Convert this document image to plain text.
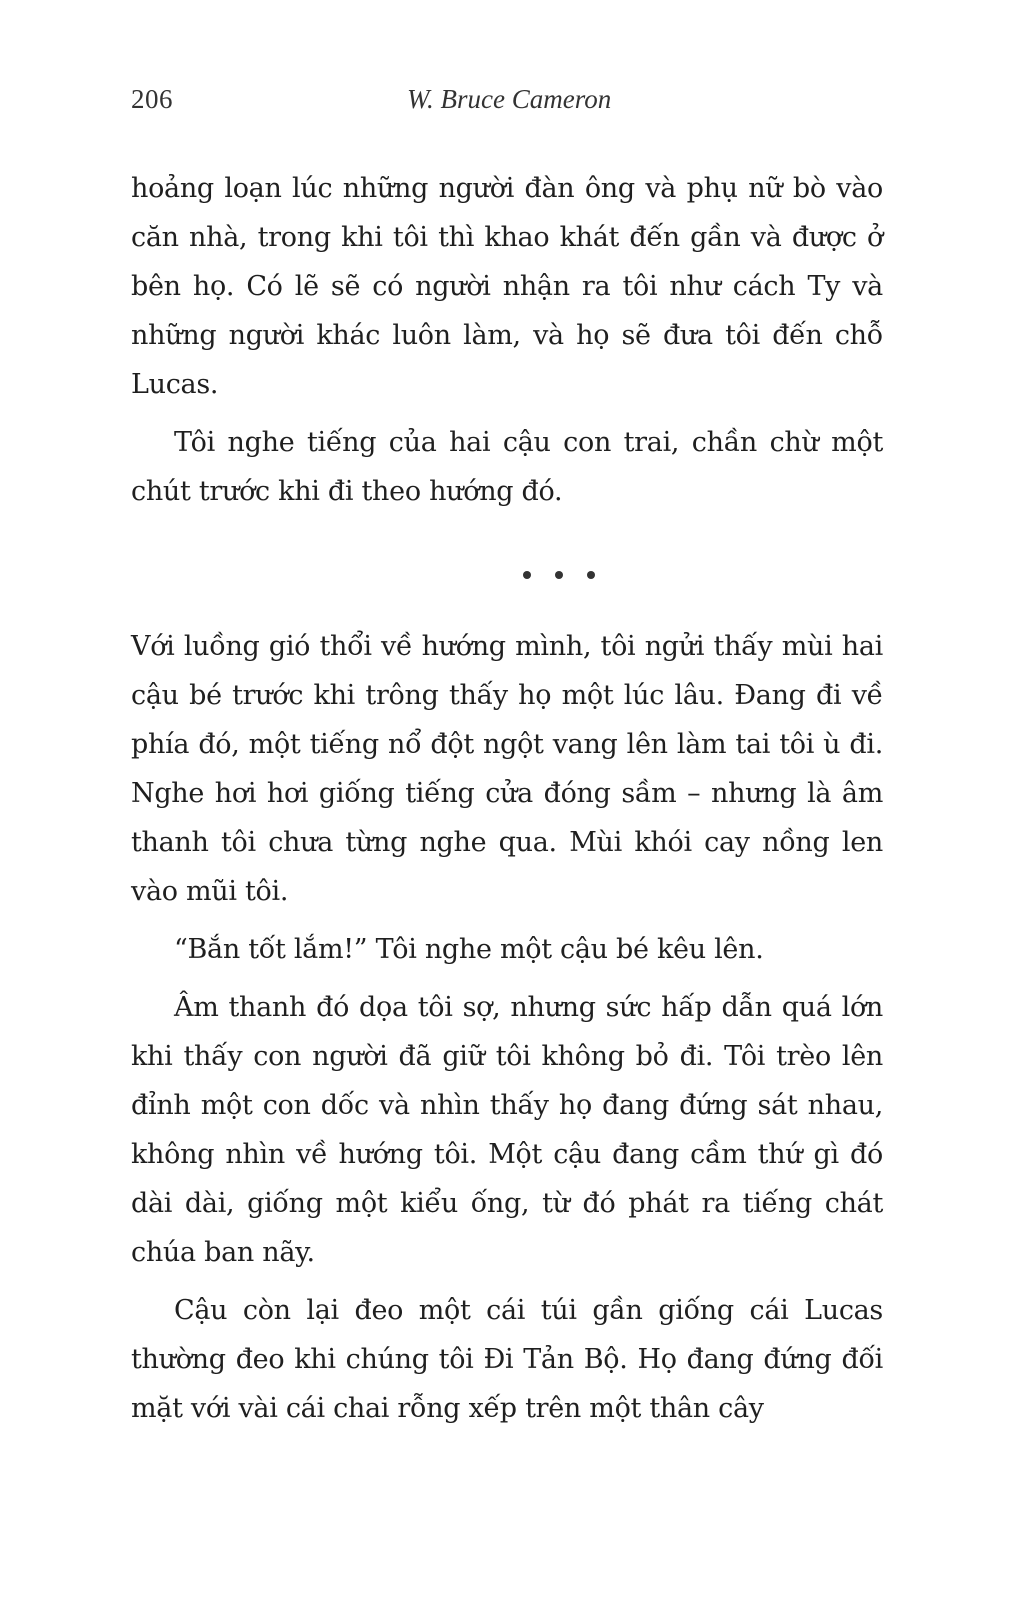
206	W. Bruce Cameron

hoảng loạn lúc những người đàn ông và phụ nữ bò vào căn nhà, trong khi tôi thì khao khát đến gần và được ở bên họ. Có lẽ sẽ có người nhận ra tôi như cách Ty và những người khác luôn làm, và họ sẽ đưa tôi đến chỗ Lucas.

Tôi nghe tiếng của hai cậu con trai, chần chừ một chút trước khi đi theo hướng đó.

Với luồng gió thổi về hướng mình, tôi ngửi thấy mùi hai cậu bé trước khi trông thấy họ một lúc lâu. Đang đi về phía đó, một tiếng nổ đột ngột vang lên làm tai tôi ù đi. Nghe hơi hơi giống tiếng cửa đóng sầm – nhưng là âm thanh tôi chưa từng nghe qua. Mùi khói cay nồng len vào mũi tôi.

“Bắn tốt lắm!” Tôi nghe một cậu bé kêu lên.

Âm thanh đó dọa tôi sợ, nhưng sức hấp dẫn quá lớn khi thấy con người đã giữ tôi không bỏ đi. Tôi trèo lên đỉnh một con dốc và nhìn thấy họ đang đứng sát nhau, không nhìn về hướng tôi. Một cậu đang cầm thứ gì đó dài dài, giống một kiểu ống, từ đó phát ra tiếng chát chúa ban nãy.

Cậu còn lại đeo một cái túi gần giống cái Lucas thường đeo khi chúng tôi Đi Tản Bộ. Họ đang đứng đối mặt với vài cái chai rỗng xếp trên một thân cây
